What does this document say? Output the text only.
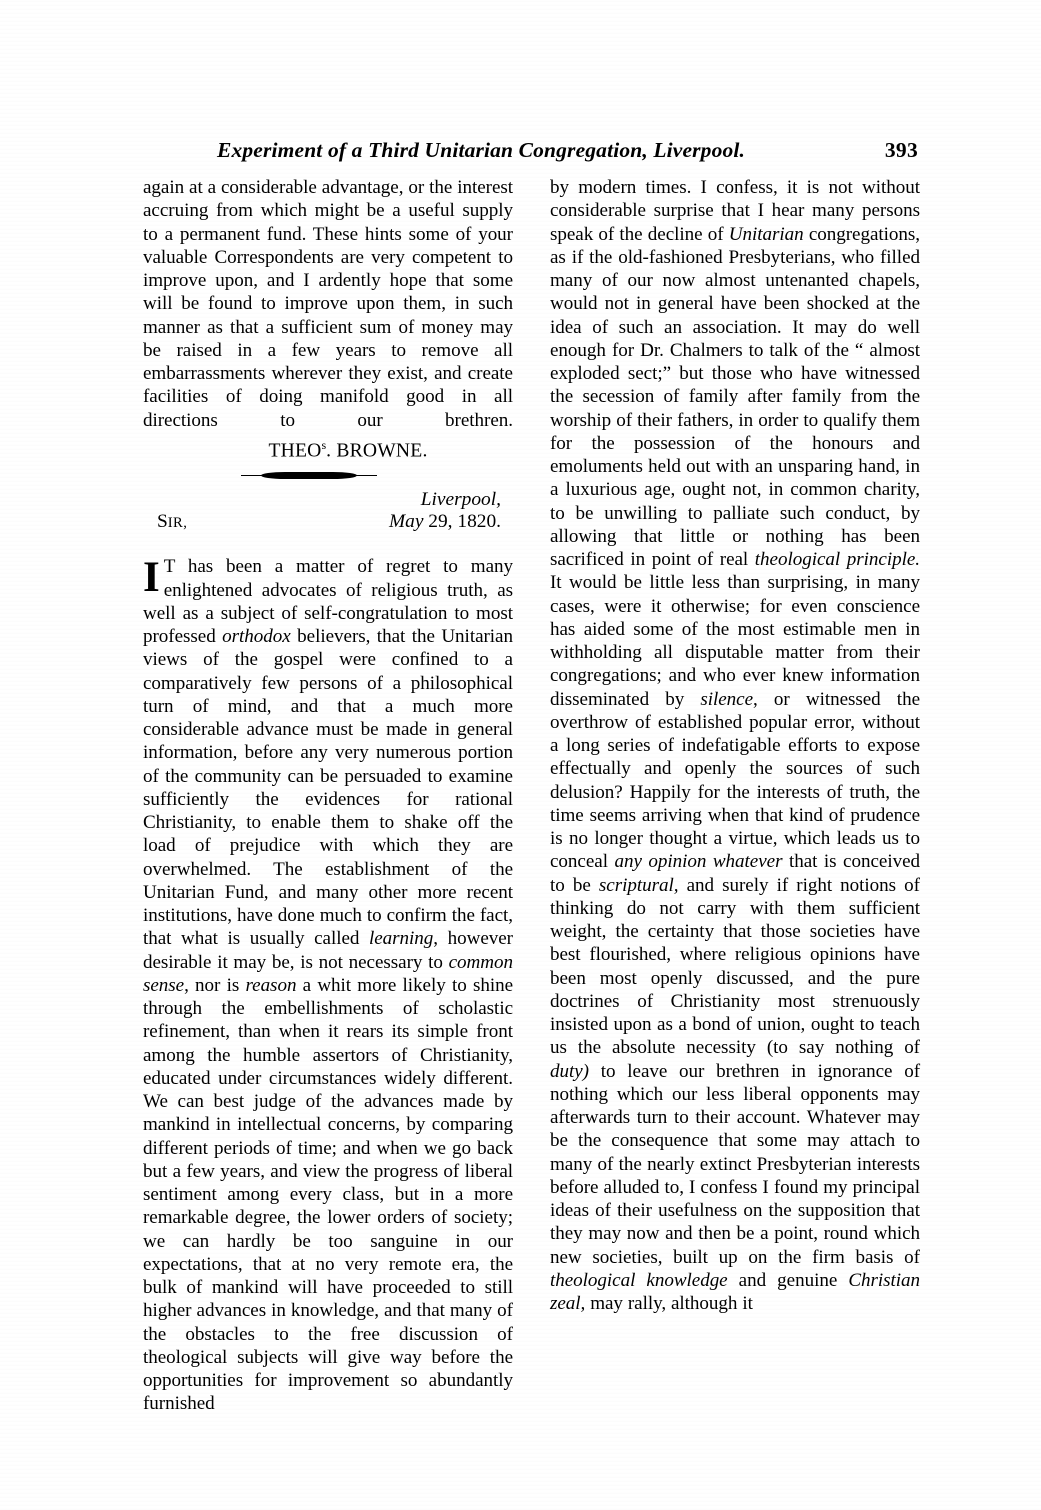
Experiment of a Third Unitarian Congregation, Liverpool.	393

again at a considerable advantage, or the interest accruing from which might be a useful supply to a permanent fund. These hints some of your valuable Correspondents are very competent to improve upon, and I ardently hope that some will be found to improve upon them, in such manner as that a sufficient sum of money may be raised in a few years to remove all embarrassments wherever they exist, and create facilities of doing manifold good in all directions to our brethren.

THEO$^s$. BROWNE.
Liverpool,
May 29, 1820.
SIR,
I T has been a matter of regret to many enlightened advocates of religious truth, as well as a subject of self-congratulation to most professed orthodox believers, that the Unitarian views of the gospel were confined to a comparatively few persons of a philosophical turn of mind, and that a much more considerable advance must be made in general information, before any very numerous portion of the community can be persuaded to examine sufficiently the evidences for rational Christianity, to enable them to shake off the load of prejudice with which they are overwhelmed. The establishment of the Unitarian Fund, and many other more recent institutions, have done much to confirm the fact, that what is usually called learning, however desirable it may be, is not necessary to common sense, nor is reason a whit more likely to shine through the embellishments of scholastic refinement, than when it rears its simple front among the humble assertors of Christianity, educated under circumstances widely different. We can best judge of the advances made by mankind in intellectual concerns, by comparing different periods of time; and when we go back but a few years, and view the progress of liberal sentiment among every class, but in a more remarkable degree, the lower orders of society; we can hardly be too sanguine in our expectations, that at no very remote era, the bulk of mankind will have proceeded to still higher advances in knowledge, and that many of the obstacles to the free discussion of theological subjects will give way before the opportunities for improvement so abundantly furnished
by modern times. I confess, it is not without considerable surprise that I hear many persons speak of the decline of Unitarian congregations, as if the old-fashioned Presbyterians, who filled many of our now almost untenanted chapels, would not in general have been shocked at the idea of such an association. It may do well enough for Dr. Chalmers to talk of the “ almost exploded sect;” but those who have witnessed the secession of family after family from the worship of their fathers, in order to qualify them for the possession of the honours and emoluments held out with an unsparing hand, in a luxurious age, ought not, in common charity, to be unwilling to palliate such conduct, by allowing that little or nothing has been sacrificed in point of real theological principle. It would be little less than surprising, in many cases, were it otherwise; for even conscience has aided some of the most estimable men in withholding all disputable matter from their congregations; and who ever knew information disseminated by silence, or witnessed the overthrow of established popular error, without a long series of indefatigable efforts to expose effectually and openly the sources of such delusion? Happily for the interests of truth, the time seems arriving when that kind of prudence is no longer thought a virtue, which leads us to conceal any opinion whatever that is conceived to be scriptural, and surely if right notions of thinking do not carry with them sufficient weight, the certainty that those societies have best flourished, where religious opinions have been most openly discussed, and the pure doctrines of Christianity most strenuously insisted upon as a bond of union, ought to teach us the absolute necessity (to say nothing of duty) to leave our brethren in ignorance of nothing which our less liberal opponents may afterwards turn to their account. Whatever may be the consequence that some may attach to many of the nearly extinct Presbyterian interests before alluded to, I confess I found my principal ideas of their usefulness on the supposition that they may now and then be a point, round which new societies, built up on the firm basis of theological knowledge and genuine Christian zeal, may rally, although it
